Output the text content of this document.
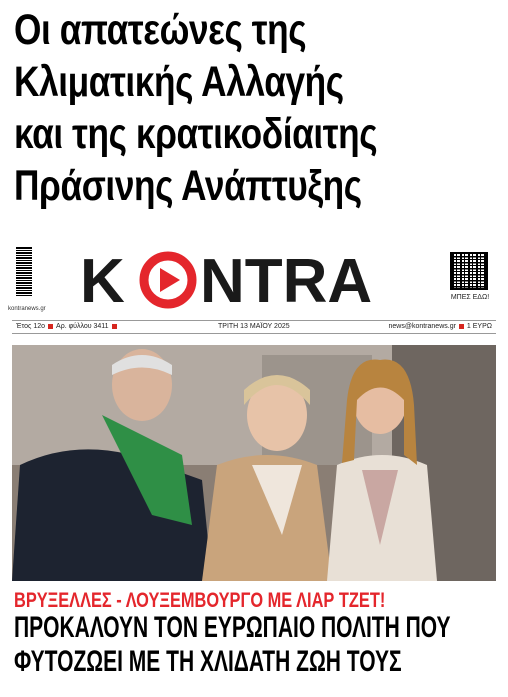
Οι απατεώνες της
Κλιματικής Αλλαγής
και της κρατικοδίαιτης
Πράσινης Ανάπτυξης
kontranews.gr K NTRA	ΜΠΕΣ ΕΔΩ!
Έτος 12ο Αρ. φύλλου 3411	ΤΡΙΤΗ 13 ΜΑΪΟΥ 2025	news@kontranews.gr 1 ΕΥΡΩ
ΒΡΥΞΕΛΛΕΣ - ΛΟΥΞΕΜΒΟΥΡΓΟ ΜΕ ΛΙΑΡ ΤΖΕΤ!
ΠΡΟΚΑΛΟΥΝ ΤΟΝ ΕΥΡΩΠΑΙΟ ΠΟΛΙΤΗ ΠΟΥ
ΦΥΤΟΖΩΕΙ ΜΕ ΤΗ ΧΛΙΔΑΤΗ ΖΩΗ ΤΟΥΣ
